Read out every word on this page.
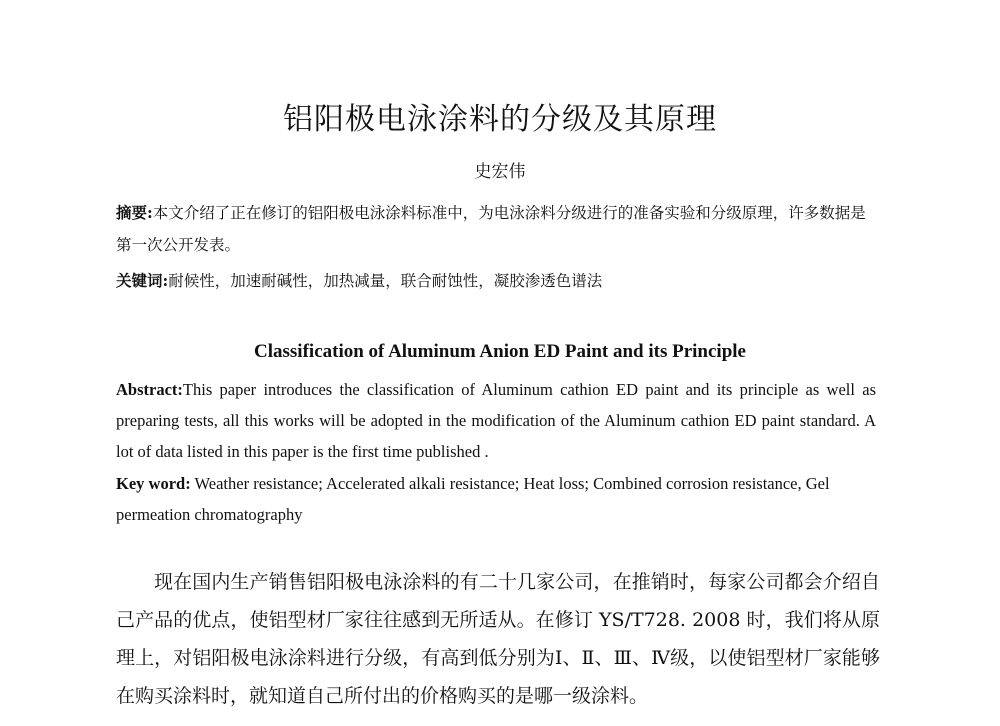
铝阳极电泳涂料的分级及其原理
史宏伟
摘要:本文介绍了正在修订的铝阳极电泳涂料标准中，为电泳涂料分级进行的准备实验和分级原理，许多数据是第一次公开发表。
关键词:耐候性，加速耐碱性，加热减量，联合耐蚀性，凝胶渗透色谱法
Classification of Aluminum Anion ED Paint and its Principle
Abstract:This paper introduces the classification of Aluminum cathion ED paint and its principle as well as preparing tests, all this works will be adopted in the modification of the Aluminum cathion ED paint standard. A lot of data listed in this paper is the first time published .
Key word: Weather resistance; Accelerated alkali resistance; Heat loss; Combined corrosion resistance, Gel permeation chromatography

现在国内生产销售铝阳极电泳涂料的有二十几家公司，在推销时，每家公司都会介绍自己产品的优点，使铝型材厂家往往感到无所适从。在修订 YS/T728. 2008 时，我们将从原理上，对铝阳极电泳涂料进行分级，有高到低分别为Ⅰ、Ⅱ、Ⅲ、Ⅳ级，以使铝型材厂家能够在购买涂料时，就知道自己所付出的价格购买的是哪一级涂料。
